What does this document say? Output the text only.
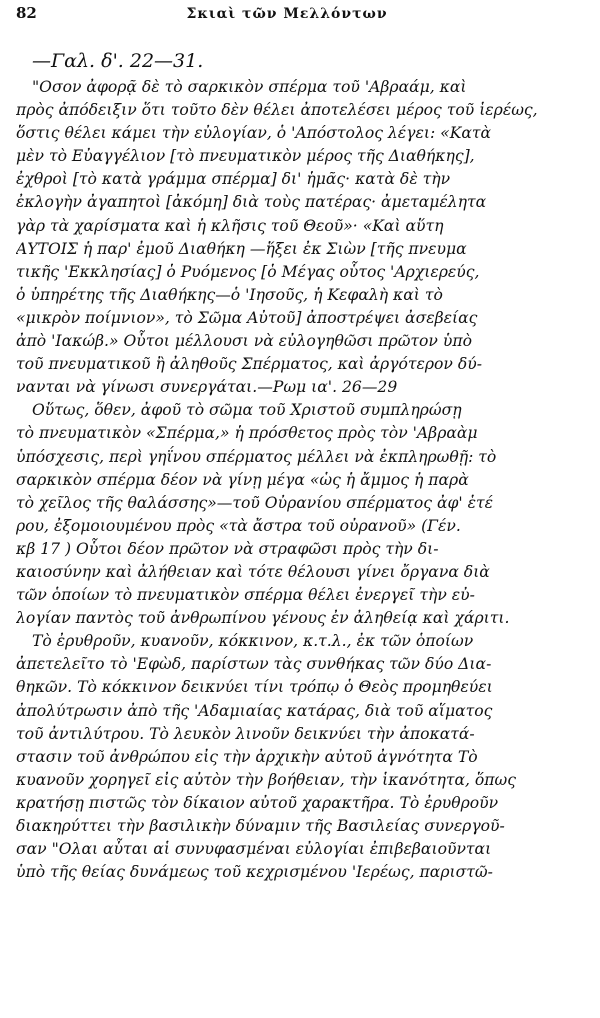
82	Σκιαὶ τῶν Μελλόντων
—Γαλ. δ'. 22—31.

"Οσον ἀφορᾷ δὲ τὸ σαρκικὸν σπέρμα τοῦ 'Αβραάμ, καὶ
πρὸς ἀπόδειξιν ὅτι τοῦτο δὲν θέλει ἀποτελέσει μέρος τοῦ ἱερέως,
ὅστις θέλει κάμει τὴν εὐλογίαν, ὁ 'Απόστολος λέγει: «Κατὰ
μὲν τὸ Εὐαγγέλιον [τὸ πνευματικὸν μέρος τῆς Διαθήκης],
ἐχθροὶ [τὸ κατὰ γράμμα σπέρμα] δι' ἡμᾶς· κατὰ δὲ τὴν
ἐκλογὴν ἀγαπητοὶ [ἀκόμη] διὰ τοὺς πατέρας· ἀμεταμέλητα
γὰρ τὰ χαρίσματα καὶ ἡ κλῆσις τοῦ Θεοῦ»· «Καὶ αὕτη
ΑΥΤΟΙΣ ἡ παρ' ἐμοῦ Διαθήκη —ἥξει ἐκ Σιὼν [τῆς πνευμα
τικῆς 'Εκκλησίας] ὁ Ρυόμενος [ὁ Μέγας οὗτος 'Αρχιερεύς,
ὁ ὑπηρέτης τῆς Διαθήκης—ὁ 'Ιησοῦς, ἡ Κεφαλὴ καὶ τὸ
«μικρὸν ποίμνιον», τὸ Σῶμα Αὐτοῦ] ἀποστρέψει ἀσεβείας
ἀπὸ 'Ιακώβ.» Οὗτοι μέλλουσι νὰ εὐλογηθῶσι πρῶτον ὑπὸ
τοῦ πνευματικοῦ ἢ ἀληθοῦς Σπέρματος, καὶ ἀργότερον δύ-
νανται νὰ γίνωσι συνεργάται.—Ρωμ ια'. 26—29

Οὕτως, ὅθεν, ἀφοῦ τὸ σῶμα τοῦ Χριστοῦ συμπληρώσῃ
τὸ πνευματικὸν «Σπέρμα,» ἡ πρόσθετος πρὸς τὸν 'Αβραὰμ
ὑπόσχεσις, περὶ γηΐνου σπέρματος μέλλει νὰ ἐκπληρωθῇ: τὸ
σαρκικὸν σπέρμα δέον νὰ γίνῃ μέγα «ὡς ἡ ἄμμος ἡ παρὰ
τὸ χεῖλος τῆς θαλάσσης»—τοῦ Οὐρανίου σπέρματος ἀφ' ἑτέ
ρου, ἐξομοιουμένου πρὸς «τὰ ἄστρα τοῦ οὐρανοῦ» (Γέν.
κβ 17 ) Οὗτοι δέον πρῶτον νὰ στραφῶσι πρὸς τὴν δι-
καιοσύνην καὶ ἀλήθειαν καὶ τότε θέλουσι γίνει ὄργανα διὰ
τῶν ὁποίων τὸ πνευματικὸν σπέρμα θέλει ἐνεργεῖ τὴν εὐ-
λογίαν παντὸς τοῦ ἀνθρωπίνου γένους ἐν ἀληθείᾳ καὶ χάριτι.

Τὸ ἐρυθροῦν, κυανοῦν, κόκκινον, κ.τ.λ., ἐκ τῶν ὁποίων
ἀπετελεῖτο τὸ 'Εφὼδ, παρίστων τὰς συνθήκας τῶν δύο Δια-
θηκῶν. Τὸ κόκκινον δεικνύει τίνι τρόπῳ ὁ Θεὸς προμηθεύει
ἀπολύτρωσιν ἀπὸ τῆς 'Αδαμιαίας κατάρας, διὰ τοῦ αἵματος
τοῦ ἀντιλύτρου. Τὸ λευκὸν λινοῦν δεικνύει τὴν ἀποκατά-
στασιν τοῦ ἀνθρώπου εἰς τὴν ἀρχικὴν αὐτοῦ ἀγνότητα Τὸ
κυανοῦν χορηγεῖ εἰς αὐτὸν τὴν βοήθειαν, τὴν ἱκανότητα, ὅπως
κρατήσῃ πιστῶς τὸν δίκαιον αὐτοῦ χαρακτῆρα. Τὸ ἐρυθροῦν
διακηρύττει τὴν βασιλικὴν δύναμιν τῆς Βασιλείας συνεργοῦ-
σαν "Ολαι αὗται αἱ συνυφασμέναι εὐλογίαι ἐπιβεβαιοῦνται
ὑπὸ τῆς θείας δυνάμεως τοῦ κεχρισμένου 'Ιερέως, παριστῶ-
